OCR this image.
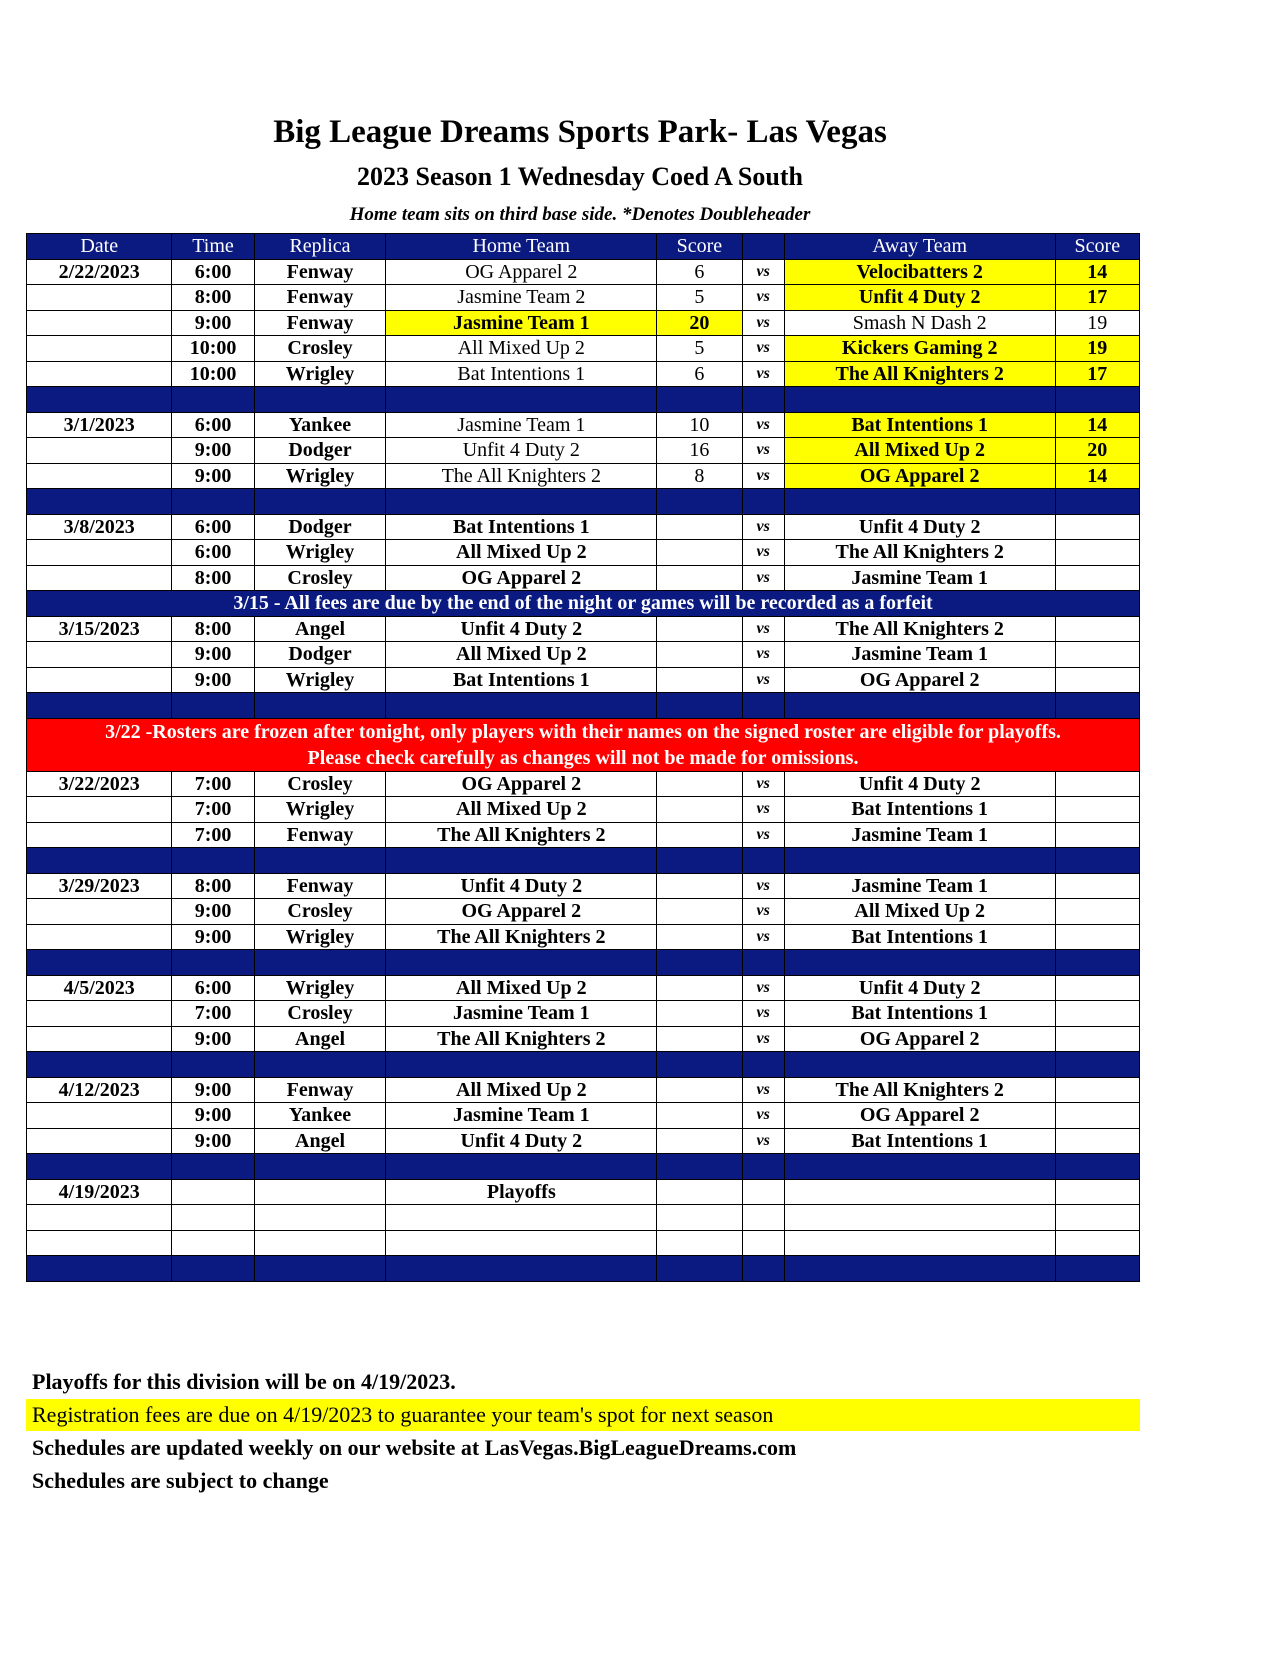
Big League Dreams Sports Park- Las Vegas
2023 Season 1 Wednesday Coed A South
Home team sits on third base side. *Denotes Doubleheader
Date	Time	Replica	Home Team	Score		Away Team	Score
2/22/2023	6:00	Fenway	OG Apparel 2	6	vs	Velocibatters 2	14
	8:00	Fenway	Jasmine Team 2	5	vs	Unfit 4 Duty 2	17
	9:00	Fenway	Jasmine Team 1	20	vs	Smash N Dash 2	19
	10:00	Crosley	All Mixed Up 2	5	vs	Kickers Gaming 2	19
	10:00	Wrigley	Bat Intentions 1	6	vs	The All Knighters 2	17

3/1/2023	6:00	Yankee	Jasmine Team 1	10	vs	Bat Intentions 1	14
	9:00	Dodger	Unfit 4 Duty 2	16	vs	All Mixed Up 2	20
	9:00	Wrigley	The All Knighters 2	8	vs	OG Apparel 2	14

3/8/2023	6:00	Dodger	Bat Intentions 1		vs	Unfit 4 Duty 2	
	6:00	Wrigley	All Mixed Up 2		vs	The All Knighters 2	
	8:00	Crosley	OG Apparel 2		vs	Jasmine Team 1	
3/15 - All fees are due by the end of the night or games will be recorded as a forfeit							
3/15/2023	8:00	Angel	Unfit 4 Duty 2		vs	The All Knighters 2	
	9:00	Dodger	All Mixed Up 2		vs	Jasmine Team 1	
	9:00	Wrigley	Bat Intentions 1		vs	OG Apparel 2	

3/22 -Rosters are frozen after tonight, only players with their names on the signed roster are eligible for playoffs.
Please check carefully as changes will not be made for omissions.							

3/22/2023	7:00	Crosley	OG Apparel 2		vs	Unfit 4 Duty 2	
	7:00	Wrigley	All Mixed Up 2		vs	Bat Intentions 1	
	7:00	Fenway	The All Knighters 2		vs	Jasmine Team 1	

3/29/2023	8:00	Fenway	Unfit 4 Duty 2		vs	Jasmine Team 1	
	9:00	Crosley	OG Apparel 2		vs	All Mixed Up 2	
	9:00	Wrigley	The All Knighters 2		vs	Bat Intentions 1	

4/5/2023	6:00	Wrigley	All Mixed Up 2		vs	Unfit 4 Duty 2	
	7:00	Crosley	Jasmine Team 1		vs	Bat Intentions 1	
	9:00	Angel	The All Knighters 2		vs	OG Apparel 2	

4/12/2023	9:00	Fenway	All Mixed Up 2		vs	The All Knighters 2	
	9:00	Yankee	Jasmine Team 1		vs	OG Apparel 2	
	9:00	Angel	Unfit 4 Duty 2		vs	Bat Intentions 1	

4/19/2023			Playoffs				

Playoffs for this division will be on 4/19/2023.
Registration fees are due on 4/19/2023 to guarantee your team's spot for next season
Schedules are updated weekly on our website at LasVegas.BigLeagueDreams.com
Schedules are subject to change
